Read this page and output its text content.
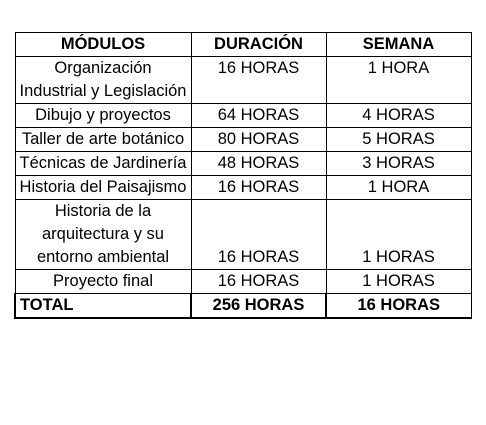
MÓDULOS	DURACIÓN	SEMANA
Organización Industrial y Legislación	16 HORAS	1 HORA
Dibujo y proyectos	64 HORAS	4 HORAS
Taller de arte botánico	80 HORAS	5 HORAS
Técnicas de Jardinería	48 HORAS	3 HORAS
Historia del Paisajismo	16 HORAS	1 HORA
Historia de la arquitectura y su entorno ambiental	16 HORAS	1 HORAS
Proyecto final	16 HORAS	1 HORAS
TOTAL	256 HORAS	16 HORAS
